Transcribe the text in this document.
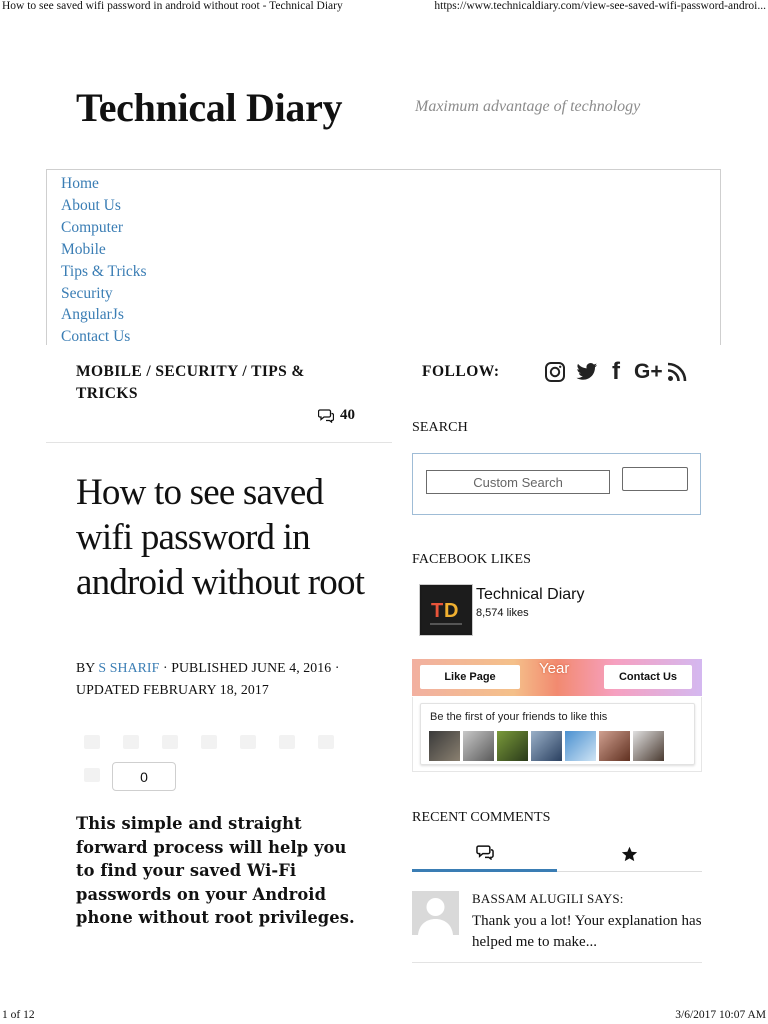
How to see saved wifi password in android without root - Technical Diary	https://www.technicaldiary.com/view-see-saved-wifi-password-androi...
Technical Diary	Maximum advantage of technology
Home
About Us
Computer
Mobile
Tips & Tricks
Security
AngularJs
Contact Us
MOBILE / SECURITY / TIPS & TRICKS
40
How to see saved wifi password in android without root
BY S SHARIF · PUBLISHED JUNE 4, 2016 · UPDATED FEBRUARY 18, 2017
0

This simple and straight forward process will help you to find your saved Wi-Fi passwords on your Android phone without root privileges.

FOLLOW:	f G+
SEARCH
Custom Search
FACEBOOK LIKES
T D
Technical Diary
8,574 likes
Year
Like Page	Contact Us
Be the first of your friends to like this
RECENT COMMENTS
BASSAM ALUGILI SAYS:
Thank you a lot! Your explanation has helped me to make...
1 of 12	3/6/2017 10:07 AM
